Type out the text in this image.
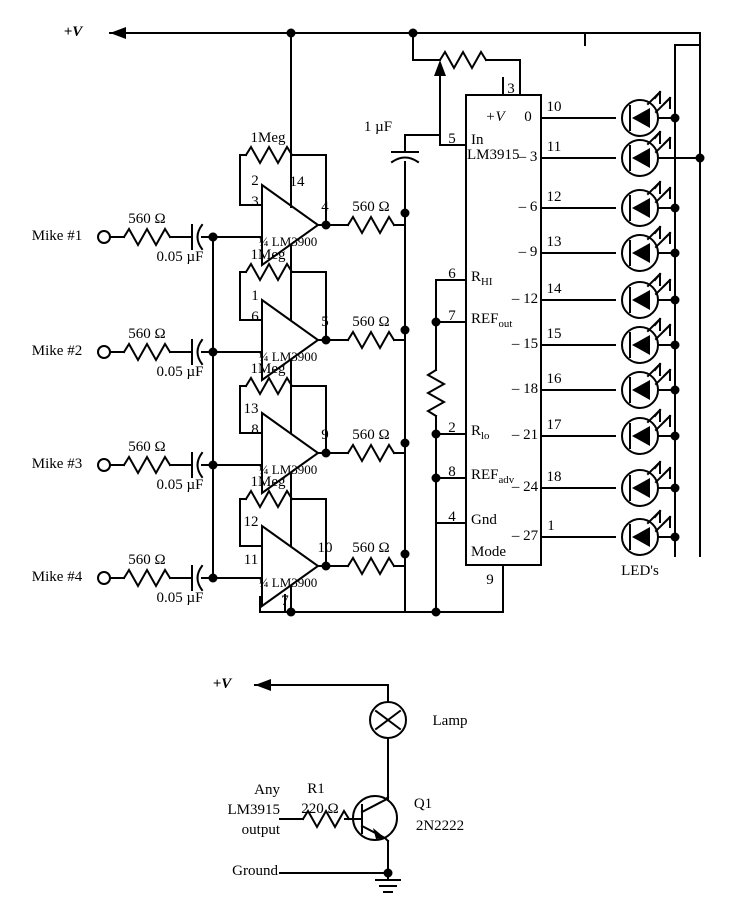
+V
1 µF
3
+V
LM3915
5 In
6 $R_{HI}$
7 $REF_{out}$
2 $R_{lo}$
8 $REF_{adv}$
4 Gnd
Mode
9
0
– 3
– 6
– 9
– 12
– 15
– 18
– 21
– 24
– 27
10
11
12
13
14
15
16
17
18
1
LED's
Mike #1
560 Ω
0.05 µF
1Meg
560 Ω
¼ LM3900
2
3
14
4
Mike #2
560 Ω
0.05 µF
1Meg
560 Ω
¼ LM3900
1
6	5
Mike #3
560 Ω
0.05 µF
1Meg
560 Ω
¼ LM3900
13
8	9
Mike #4
560 Ω
0.05 µF
1Meg
560 Ω
¼ LM3900
12
11
10
7
+V
Lamp
R1
220 Ω	Q1
2N2222
Any
LM3915
output
Ground
